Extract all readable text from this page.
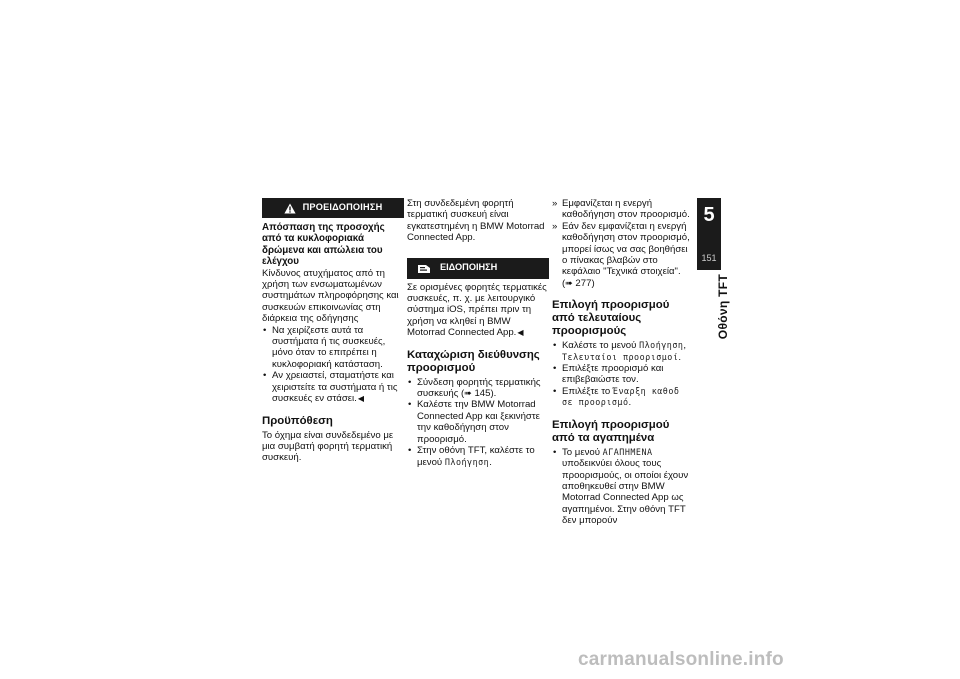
ΠΡΟΕΙΔΟΠΟΙΗΣΗ

Απόσπαση της προσοχής από τα κυκλοφοριακά δρώμενα και απώλεια του ελέγχου

Κίνδυνος ατυχήματος από τη χρήση των ενσωματωμένων συστημάτων πληροφόρησης και συσκευών επικοινωνίας στη διάρκεια της οδήγησης

• Να χειρίζεστε αυτά τα συστήματα ή τις συσκευές, μόνο όταν το επιτρέπει η κυκλοφοριακή κατάσταση.
• Αν χρειαστεί, σταματήστε και χειριστείτε τα συστήματα ή τις συσκευές εν στάσει.◀
Προϋπόθεση

Το όχημα είναι συνδεδεμένο με μια συμβατή φορητή τερματική συσκευή.

Στη συνδεδεμένη φορητή τερματική συσκευή είναι εγκατεστημένη η BMW Motorrad Connected App.

ΕΙΔΟΠΟΙΗΣΗ

Σε ορισμένες φορητές τερματικές συσκευές, π. χ. με λειτουργικό σύστημα iOS, πρέπει πριν τη χρήση να κληθεί η BMW Motorrad Connected App.◀

Καταχώριση διεύθυνσης προορισμού
• Σύνδεση φορητής τερματικής συσκευής (➠ 145).
• Καλέστε την BMW Motorrad Connected App και ξεκινήστε την καθοδήγηση στον προορισμό.
• Στην οθόνη TFT, καλέστε το μενού Πλοήγηση.
» Εμφανίζεται η ενεργή καθοδήγηση στον προορισμό.
» Εάν δεν εμφανίζεται η ενεργή καθοδήγηση στον προορισμό, μπορεί ίσως να σας βοηθήσει ο πίνακας βλαβών στο κεφάλαιο "Τεχνικά στοιχεία". (➠ 277)
Επιλογή προορισμού από τελευταίους προορισμούς
• Καλέστε το μενού Πλοήγηση, Τελευταίοι προορισμοί.
• Επιλέξτε προορισμό και επιβεβαιώστε τον.
• Επιλέξτε το Έναρξη καθοδ σε προορισμό.
Επιλογή προορισμού από τα αγαπημένα
• Το μενού ΑΓΑΠΗΜΕΝΑ υποδεικνύει όλους τους προορισμούς, οι οποίοι έχουν αποθηκευθεί στην BMW Motorrad Connected App ως αγαπημένοι. Στην οθόνη TFT δεν μπορούν
5
151
Οθόνη TFT
carmanualsonline.info
